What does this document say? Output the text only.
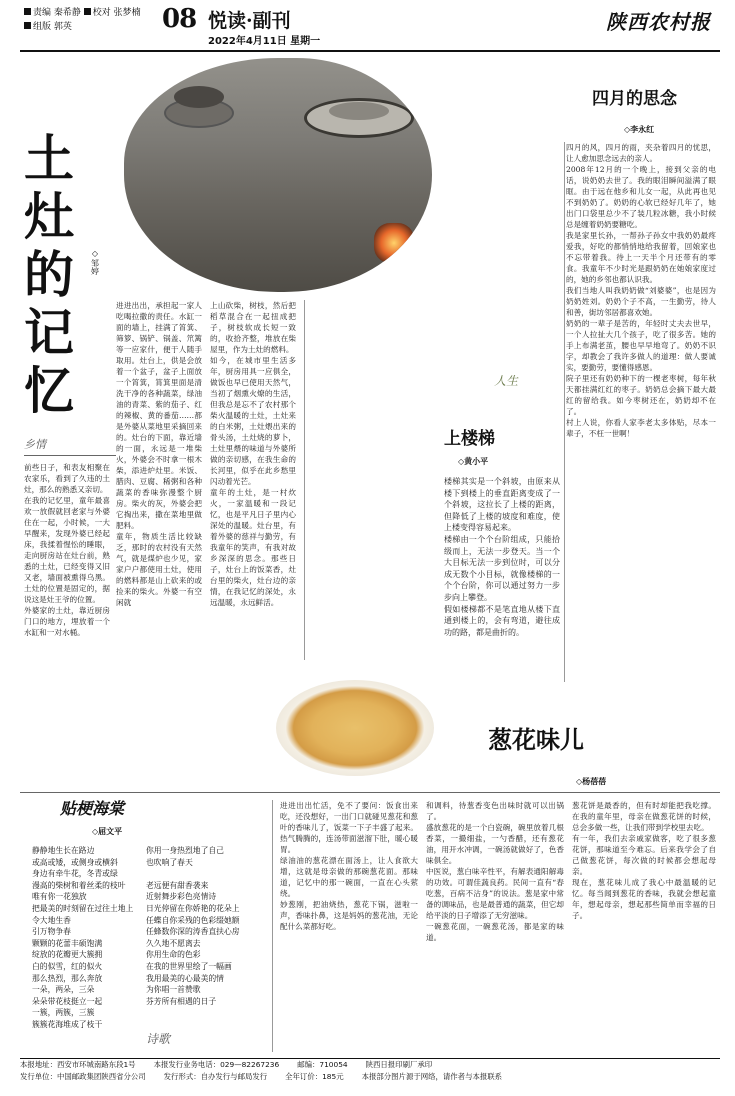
责编 秦希静 校对 张梦楠
组版 郭英	08 悦读·副刊
2022年4月11日 星期一
陕西农村报
土灶的记忆
◇
邹婷
乡情
前些日子，和表友相聚在农家乐，看到了久违的土灶，那么的熟悉又亲切。
在我的记忆里，童年最喜欢一放假就回老家与外婆住在一起，小时候，一大早醒来，发现外婆已经起床，我揉着惺忪的睡眼，走向厨房站在灶台前，熟悉的土灶，已经变得又旧又老，墙面被熏得乌黑。土灶的位置是固定的，据说这是灶王爷的位置。
外婆家的土灶，靠近厨房门口的地方，埋放着一个水缸和一对水桶。

进进出出，承担起一家人吃喝拉撒的责任。水缸一面的墙上，挂满了筲箕、筛箩、锅铲、锅盖、笊篱等一应家什，便于人随手取用。灶台上，供是会放着一个盆子，盆子上面放一个筲箕，筲箕里面是清洗干净的各种蔬菜，绿油油的青菜、紫的茄子、红的辣椒、黄的番茄……都是外婆从菜地里采摘回来的。灶台的下面，靠近墙的一面，永远是一堆柴火，外婆会不时拿一根木柴，添进炉灶里。米饭、腊肉、豆腐、稀粥和各种蔬菜的香味弥漫整个厨房。柴火的灰，外婆会把它掏出来，撒在菜地里做肥料。
童年，物质生活比较缺乏，那时的农村没有天然气，就是煤炉也少见，家家户户都使用土灶，使用的燃料都是山上砍来的或捡来的柴火。外婆一有空闲就
上山砍柴，树枝，然后把稻草混合在一起扭成把子，树枝软成长短一致的，收拾齐整，堆放在柴屋里，作为土灶的燃料。
如今，在城市里生活多年，厨房用具一应俱全，做饭也早已使用天然气，当初了烟熏火燎的生活，但我总是忘不了农村那个柴火温暖的土灶，土灶来的白米粥，土灶煨出来的骨头汤，土灶烧的萝卜，土灶里煨的味道与外婆所做的亲切感，在我生命的长河里，似乎在此乡愁里闪动着光芒。
童年的土灶，是一村炊火，一家温暖和一段记忆，也是平凡日子里内心深处的温暖。灶台里，有着外婆的慈祥与勤劳，有我童年的笑声，有我对故乡深深的思念。那些日子，灶台上的饭菜香，灶台里的柴火，灶台边的亲情，在我记忆的深处，永远温暖，永远鲜活。
四月的思念
◇李永红
四月的风，四月的雨，夹杂着四月的忧思，让人愈加思念远去的亲人。
2008年12月的一个晚上，接到父亲的电话，说奶奶去世了。我的眼泪瞬间溢满了眼眶。由于远在他乡和儿女一起，从此再也见不到奶奶了。奶奶的心软已经好几年了，她出门口袋里总少不了装几粒冰糖，我小时候总是缠着奶奶要糖吃。
我是家里长孙，一帮孙子孙女中我奶奶最疼爱我，好吃的都悄悄地给我留着，回娘家也不忘带着我。待上一天半个月还带有的零食。我童年不少时光是跟奶奶在她娘家度过的，她的乡邻也都认识我。
我们当地人叫我奶奶做“刘婆婆”，也是因为奶奶姓刘。奶奶个子不高，一生勤劳，待人和善，街坊邻居都喜欢她。
奶奶的一辈子是苦的，年轻时丈夫去世早，一个人拉扯大几个孩子，吃了很多苦。她的手上布满老茧，腰也早早地弯了。奶奶不识字，却教会了我许多做人的道理：做人要诚实，要勤劳，要懂得感恩。
院子里还有奶奶种下的一棵老枣树，每年秋天都挂满红红的枣子。奶奶总会摘下最大最红的留给我。如今枣树还在，奶奶却不在了。
村上人说，你看人家李老太多体贴，尽本一辈子，不枉一世啊！
人生
上楼梯
◇黄小平
楼梯其实是一个斜坡，由原来从楼下到楼上的垂直距离变成了一个斜坡，这拉长了上楼的距离，但降低了上楼的坡度和难度，使上楼变得容易起来。
楼梯由一个个台阶组成，只能拾级而上，无法一步登天。当一个大目标无法一步到位时，可以分成无数个小目标，就像楼梯的一个个台阶，你可以通过努力一步步向上攀登。
假如楼梯都不是笔直地从楼下直通到楼上的，会有弯道，避往成功的路，都是曲折的。
葱花味儿
◇杨蓓蓓
贴梗海棠
◇屈文平
静静地生长在路边
或高或矮，或侧身或横斜
身边有牵牛花，冬青或绿
漫高的柴树和着丝柔的枝叶
唯有你一花独放
把最美的时刻留在过往土地上
令大地生香
引万物争春
颗颗的花蕾丰硕饱满
绽放的花瓣更大簇拥
白的似雪，红的似火
那么热烈，那么奔放
一朵，两朵，三朵
朵朵带花枝挺立一起
一簇，两簇，三簇
簇簇花海堆成了枝干
你用一身热烈地了自己
也吹响了春天
老远便有甜香袭来
近射舞步彩色亮情诗
日光停留在你娇艳的花朵上
任蝶自你采残的色彩缀她额
任蜂数你深的涛香直扶心房
久久地不愿离去
你用生命的色彩
在我的世界里绘了一幅画
我用最美的心最美的情
为你唱一首赞歌
芬芳所有相遇的日子
诗歌
进进出出忙活，免不了要问：饭食出来吃，还没想好，一出门口就碰见葱花和葱叶的香味儿了，饭菜一下子丰盛了起来。热气腾腾的，连汤带面滋溜下肚，暖心暖胃。
绿油油的葱花漂在面汤上，让人食欲大增，这就是母亲做的那碗葱花面。那味道，记忆中的那一碗面，一直在心头萦绕。
妙葱刚，把油烧热，葱花下锅，滋啦一声，香味扑鼻，这是妈妈的葱花油，无论配什么菜都好吃。
和调料，待葱香变色出味时就可以出锅了。
盛放葱花的是一个白瓷碗，碗里放着几根香菜，一撮细盐，一勺香醋，还有葱花油，用开水冲调，一碗汤就做好了，色香味俱全。
中医说，葱白味辛性平，有解表通阳解毒的功效。可谓佳蔬良药。民间一直有“春吃葱，百病不沾身”的说法。葱是家中常备的调味品，也是最普通的蔬菜，但它却给平淡的日子增添了无穷滋味。
一碗葱花面，一碗葱花汤，都是家的味道。
葱花饼是最香的，但有时却能把我吃撑。在我的童年里，母亲在做葱花饼的时候，总会多做一些，让我们带到学校里去吃。
有一年，我们去亲戚家做客，吃了很多葱花饼，那味道至今难忘。后来我学会了自己做葱花饼，每次做的时候都会想起母亲。
现在，葱花味儿成了我心中最温暖的记忆。每当闻到葱花的香味，我就会想起童年，想起母亲，想起那些简单而幸福的日子。
本报地址：西安市环城南路东段1号 本报发行业务电话：029—82267236 邮编：710054 陕西日报印刷厂承印
发行单位：中国邮政集团陕西省分公司 发行形式：自办发行与邮局发行 全年订价：185元 本报部分图片源于网络，请作者与本报联系
